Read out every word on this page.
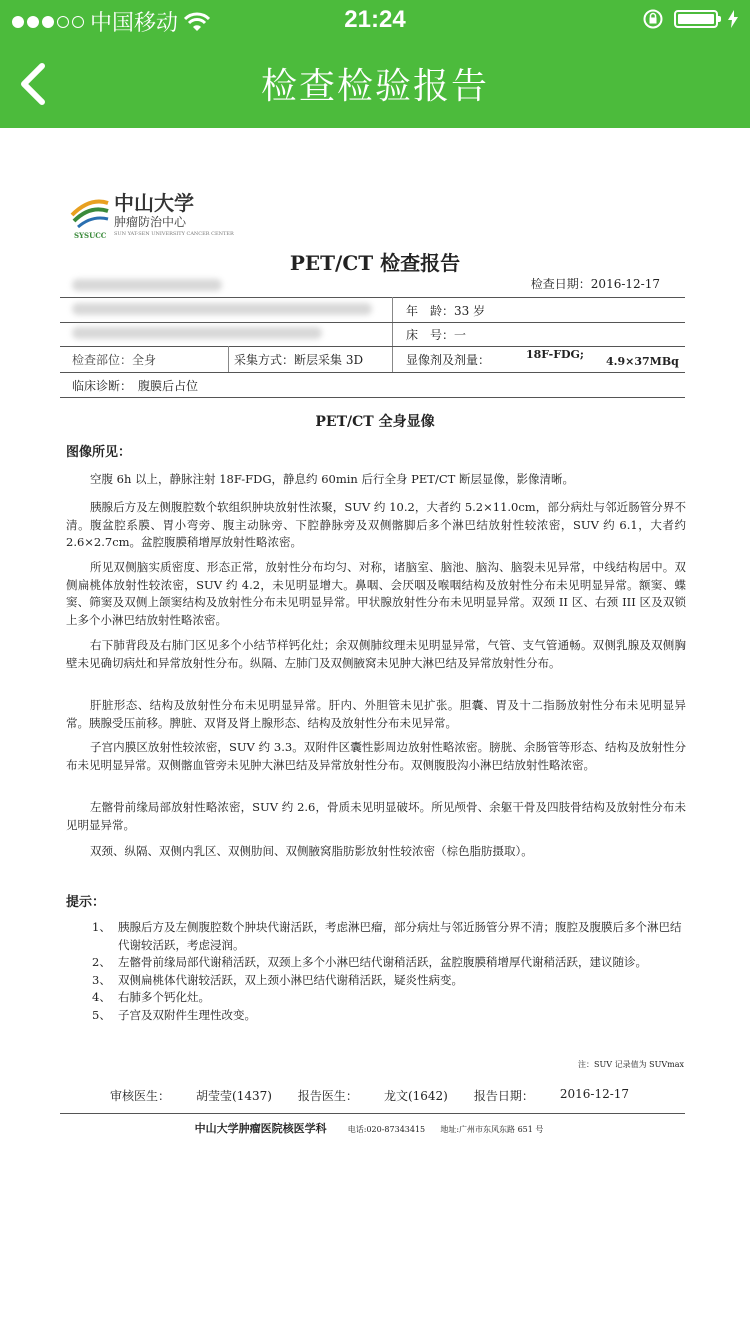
中国移动	21:24
检查检验报告
中山大学
肿瘤防治中心
SYSUCC SUN YAT-SEN UNIVERSITY CANCER CENTER
PET/CT 检查报告
检查日期：2016-12-17
年　龄：33 岁
床　号：一
检查部位：全身	采集方式：断层采集 3D	显像剂及剂量：	18F-FDG;
4.9×37MBq
临床诊断：　腹膜后占位
PET/CT 全身显像
图像所见：
空腹 6h 以上，静脉注射 18F-FDG，静息约 60min 后行全身 PET/CT 断层显像，影像清晰。
胰腺后方及左侧腹腔数个软组织肿块放射性浓聚，SUV 约 10.2，大者约 5.2×11.0cm，部分病灶与邻近肠管分界不清。腹盆腔系膜、胃小弯旁、腹主动脉旁、下腔静脉旁及双侧髂脚后多个淋巴结放射性较浓密，SUV 约 6.1，大者约 2.6×2.7cm。盆腔腹膜稍增厚放射性略浓密。
所见双侧脑实质密度、形态正常，放射性分布均匀、对称，诸脑室、脑池、脑沟、脑裂未见异常，中线结构居中。双侧扁桃体放射性较浓密，SUV 约 4.2，未见明显增大。鼻咽、会厌咽及喉咽结构及放射性分布未见明显异常。额窦、蝶窦、筛窦及双侧上颌窦结构及放射性分布未见明显异常。甲状腺放射性分布未见明显异常。双颈 II 区、右颈 III 区及双锁上多个小淋巴结放射性略浓密。
右下肺背段及右肺门区见多个小结节样钙化灶；余双侧肺纹理未见明显异常，气管、支气管通畅。双侧乳腺及双侧胸壁未见确切病灶和异常放射性分布。纵隔、左肺门及双侧腋窝未见肿大淋巴结及异常放射性分布。
肝脏形态、结构及放射性分布未见明显异常。肝内、外胆管未见扩张。胆囊、胃及十二指肠放射性分布未见明显异常。胰腺受压前移。脾脏、双肾及肾上腺形态、结构及放射性分布未见异常。
子宫内膜区放射性较浓密，SUV 约 3.3。双附件区囊性影周边放射性略浓密。膀胱、余肠管等形态、结构及放射性分布未见明显异常。双侧髂血管旁未见肿大淋巴结及异常放射性分布。双侧腹股沟小淋巴结放射性略浓密。
左髂骨前缘局部放射性略浓密，SUV 约 2.6，骨质未见明显破坏。所见颅骨、余躯干骨及四肢骨结构及放射性分布未见明显异常。
双颈、纵隔、双侧内乳区、双侧肋间、双侧腋窝脂肪影放射性较浓密（棕色脂肪摄取）。
提示：
1、 胰腺后方及左侧腹腔数个肿块代谢活跃，考虑淋巴瘤，部分病灶与邻近肠管分界不清；腹腔及腹膜后多个淋巴结代谢较活跃，考虑浸润。
2、 左髂骨前缘局部代谢稍活跃，双颈上多个小淋巴结代谢稍活跃，盆腔腹膜稍增厚代谢稍活跃，建议随诊。
3、 双侧扁桃体代谢较活跃，双上颈小淋巴结代谢稍活跃，疑炎性病变。
4、 右肺多个钙化灶。
5、 子宫及双附件生理性改变。
注：SUV 记录值为 SUVmax
审核医生： 胡莹莹(1437) 报告医生： 龙文(1642) 报告日期： 2016-12-17
中山大学肿瘤医院核医学科	电话:020-87343415 地址:广州市东风东路 651 号
